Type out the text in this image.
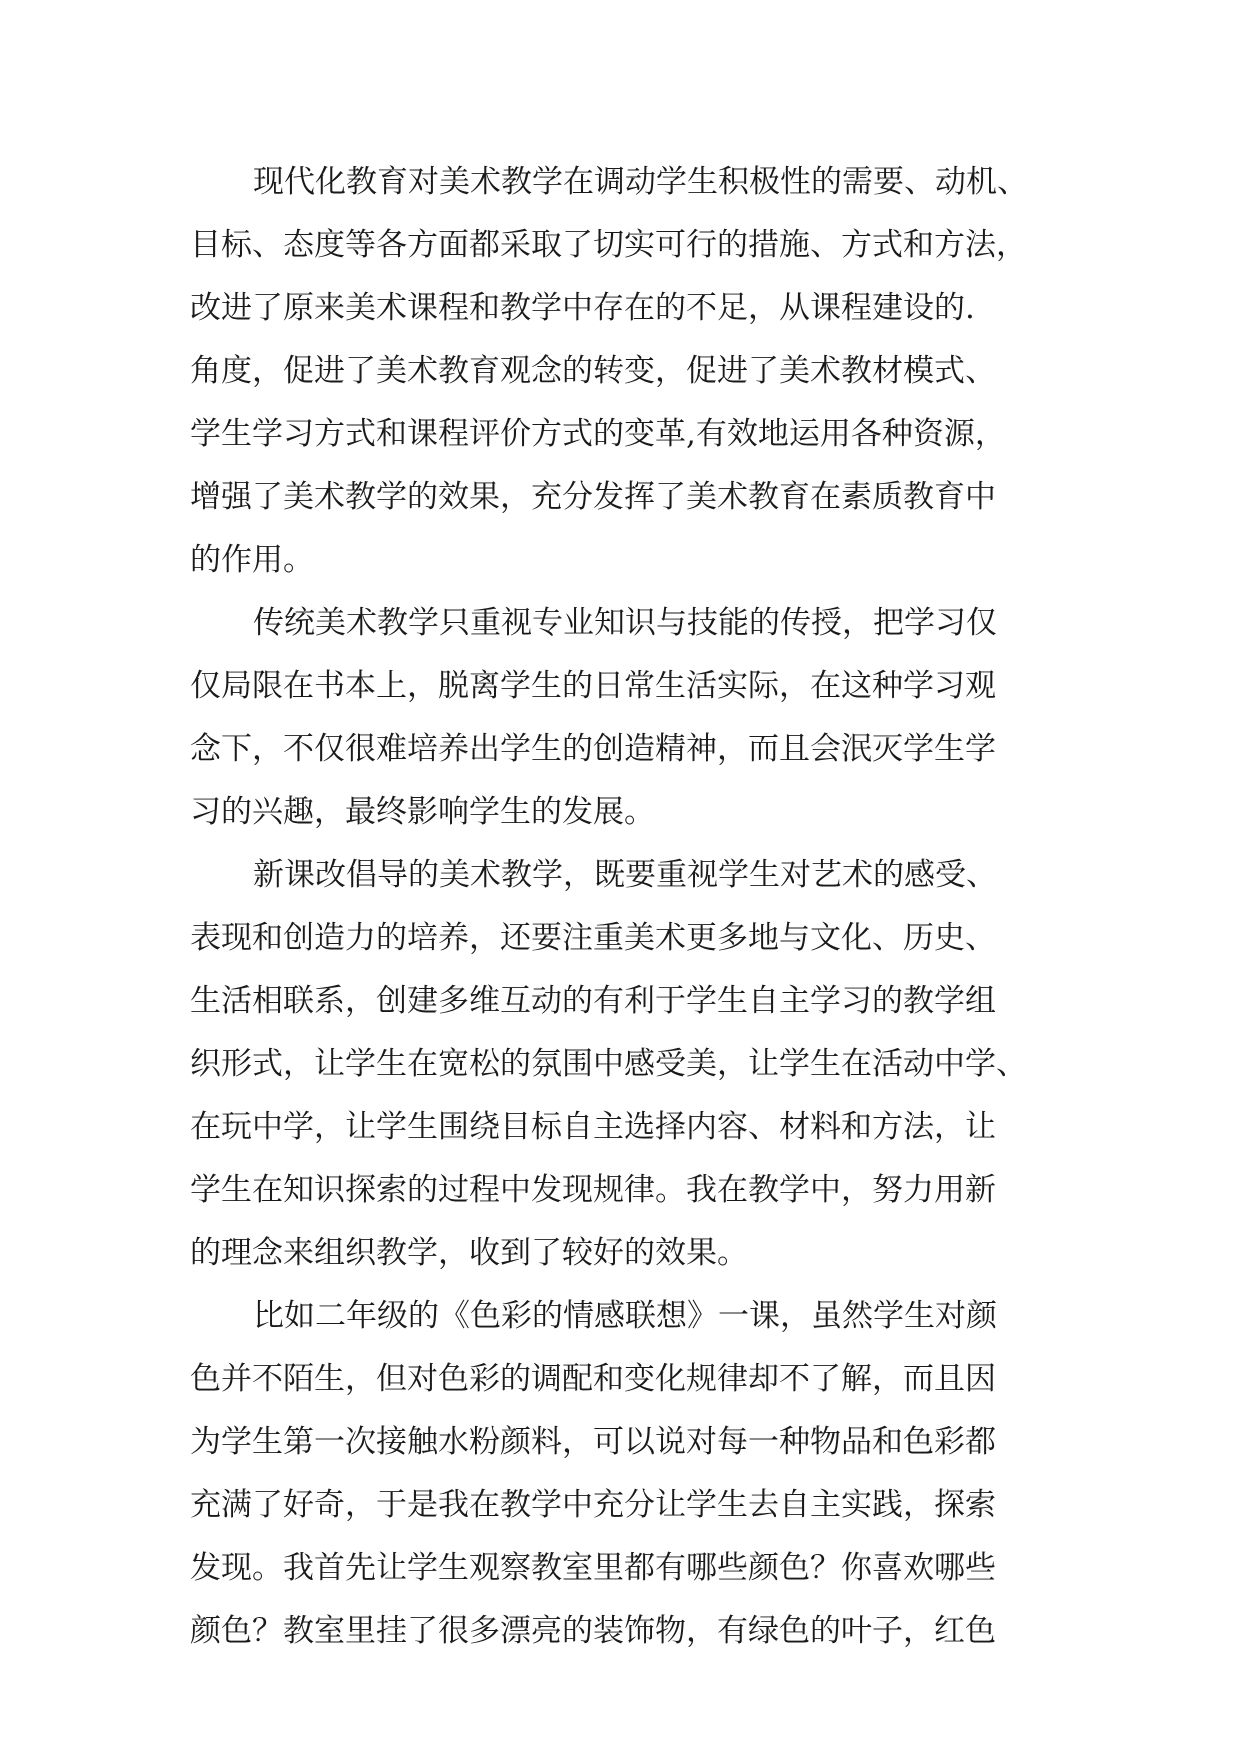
现代化教育对美术教学在调动学生积极性的需要、动机、

目标、态度等各方面都采取了切实可行的措施、方式和方法，

改进了原来美术课程和教学中存在的不足，从课程建设的.

角度，促进了美术教育观念的转变，促进了美术教材模式、

学生学习方式和课程评价方式的变革,有效地运用各种资源，

增强了美术教学的效果，充分发挥了美术教育在素质教育中

的作用。

传统美术教学只重视专业知识与技能的传授，把学习仅

仅局限在书本上，脱离学生的日常生活实际，在这种学习观

念下，不仅很难培养出学生的创造精神，而且会泯灭学生学

习的兴趣，最终影响学生的发展。

新课改倡导的美术教学，既要重视学生对艺术的感受、

表现和创造力的培养，还要注重美术更多地与文化、历史、

生活相联系，创建多维互动的有利于学生自主学习的教学组

织形式，让学生在宽松的氛围中感受美，让学生在活动中学、

在玩中学，让学生围绕目标自主选择内容、材料和方法，让

学生在知识探索的过程中发现规律。我在教学中，努力用新

的理念来组织教学，收到了较好的效果。

比如二年级的《色彩的情感联想》一课，虽然学生对颜

色并不陌生，但对色彩的调配和变化规律却不了解，而且因

为学生第一次接触水粉颜料，可以说对每一种物品和色彩都

充满了好奇，于是我在教学中充分让学生去自主实践，探索

发现。我首先让学生观察教室里都有哪些颜色？你喜欢哪些

颜色？教室里挂了很多漂亮的装饰物，有绿色的叶子，红色
